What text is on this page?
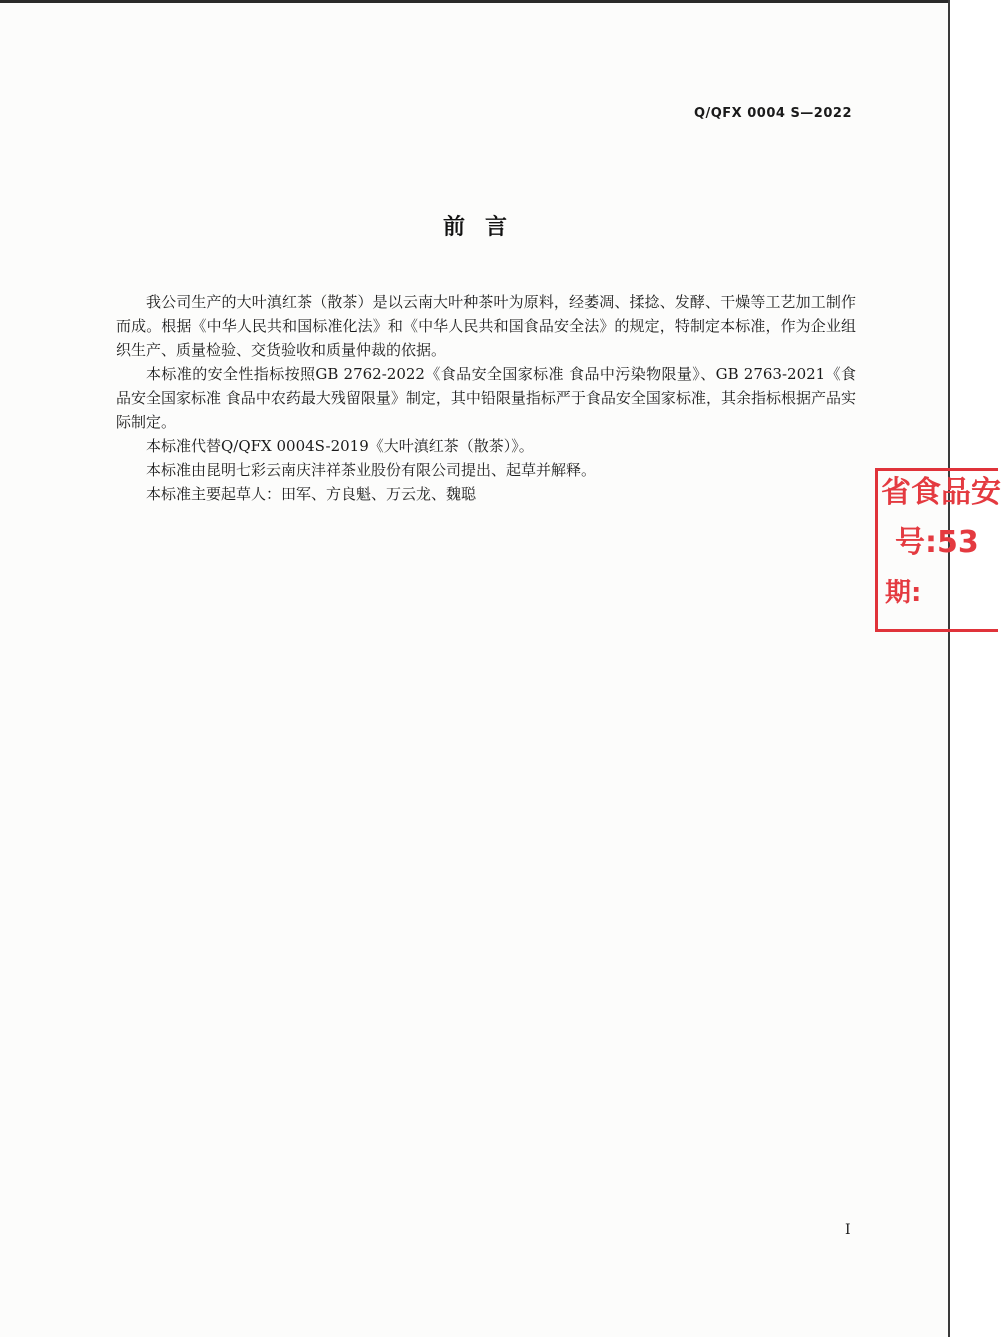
Q/QFX 0004 S—2022
前言

我公司生产的大叶滇红茶（散茶）是以云南大叶种茶叶为原料，经萎凋、揉捻、发酵、干燥等工艺加工制作而成。根据《中华人民共和国标准化法》和《中华人民共和国食品安全法》的规定，特制定本标准，作为企业组织生产、质量检验、交货验收和质量仲裁的依据。

本标准的安全性指标按照GB 2762-2022《食品安全国家标准 食品中污染物限量》、GB 2763-2021《食品安全国家标准 食品中农药最大残留限量》制定，其中铅限量指标严于食品安全国家标准，其余指标根据产品实际制定。

本标准代替Q/QFX 0004S-2019《大叶滇红茶（散茶）》。

本标准由昆明七彩云南庆沣祥茶业股份有限公司提出、起草并解释。

本标准主要起草人：田军、方良魁、万云龙、魏聪	省食品安
号:53
期:
I
